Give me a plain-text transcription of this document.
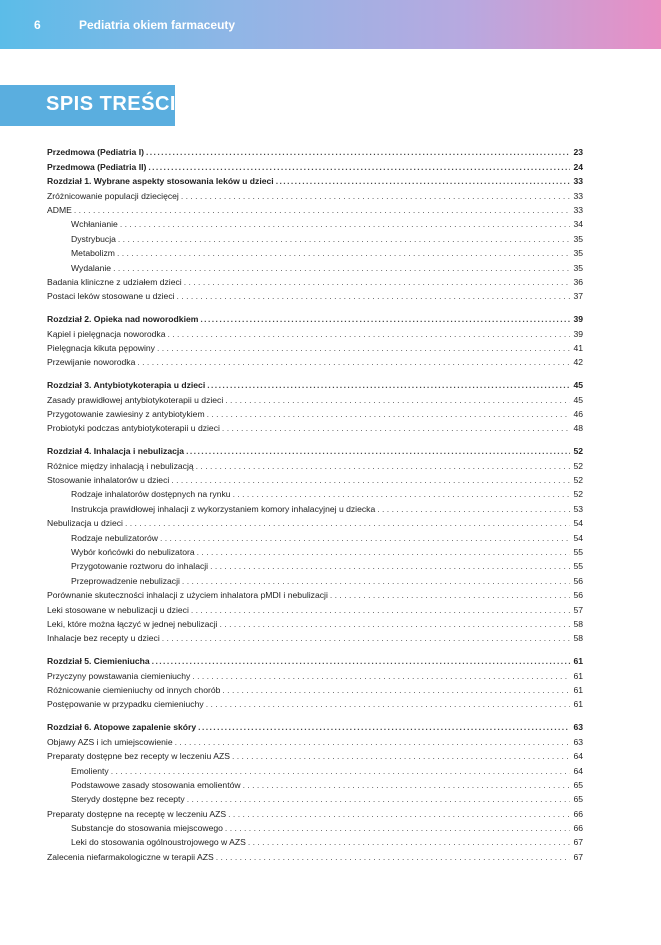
6	Pediatria okiem farmaceuty
SPIS TREŚCI
Przedmowa (Pediatria I) .....	23
Przedmowa (Pediatria II) .....	24
Rozdział 1. Wybrane aspekty stosowania leków u dzieci .....	33
Zróżnicowanie populacji dziecięcej . . .	33
ADME . . .	33
Wchłanianie . . .	34
Dystrybucja . . .	35
Metabolizm . . .	35
Wydalanie . . .	35
Badania kliniczne z udziałem dzieci . . .	36
Postaci leków stosowane u dzieci . . .	37
Rozdział 2. Opieka nad noworodkiem .....	39
Kąpiel i pielęgnacja noworodka . . .	39
Pielęgnacja kikuta pępowiny . . .	41
Przewijanie noworodka . . .	42
Rozdział 3. Antybiotykoterapia u dzieci .....	45
Zasady prawidłowej antybiotykoterapii u dzieci . . .	45
Przygotowanie zawiesiny z antybiotykiem . . .	46
Probiotyki podczas antybiotykoterapii u dzieci . . .	48
Rozdział 4. Inhalacja i nebulizacja .....	52
Różnice między inhalacją i nebulizacją . . .	52
Stosowanie inhalatorów u dzieci . . .	52
Rodzaje inhalatorów dostępnych na rynku . . .	52
Instrukcja prawidłowej inhalacji z wykorzystaniem komory inhalacyjnej u dziecka . . .	53
Nebulizacja u dzieci . . .	54
Rodzaje nebulizatorów . . .	54
Wybór końcówki do nebulizatora . . .	55
Przygotowanie roztworu do inhalacji . . .	55
Przeprowadzenie nebulizacji . . .	56
Porównanie skuteczności inhalacji z użyciem inhalatora pMDI i nebulizacji . . .	56
Leki stosowane w nebulizacji u dzieci . . .	57
Leki, które można łączyć w jednej nebulizacji . . .	58
Inhalacje bez recepty u dzieci . . .	58
Rozdział 5. Ciemieniucha .....	61
Przyczyny powstawania ciemieniuchy . . .	61
Różnicowanie ciemieniuchy od innych chorób . . .	61
Postępowanie w przypadku ciemieniuchy . . .	61
Rozdział 6. Atopowe zapalenie skóry .....	63
Objawy AZS i ich umiejscowienie . . .	63
Preparaty dostępne bez recepty w leczeniu AZS . . .	64
Emolienty . . .	64
Podstawowe zasady stosowania emolientów . . .	65
Sterydy dostępne bez recepty . . .	65
Preparaty dostępne na receptę w leczeniu AZS . . .	66
Substancje do stosowania miejscowego . . .	66
Leki do stosowania ogólnoustrojowego w AZS . . .	67
Zalecenia niefarmakologiczne w terapii AZS . . .	67
